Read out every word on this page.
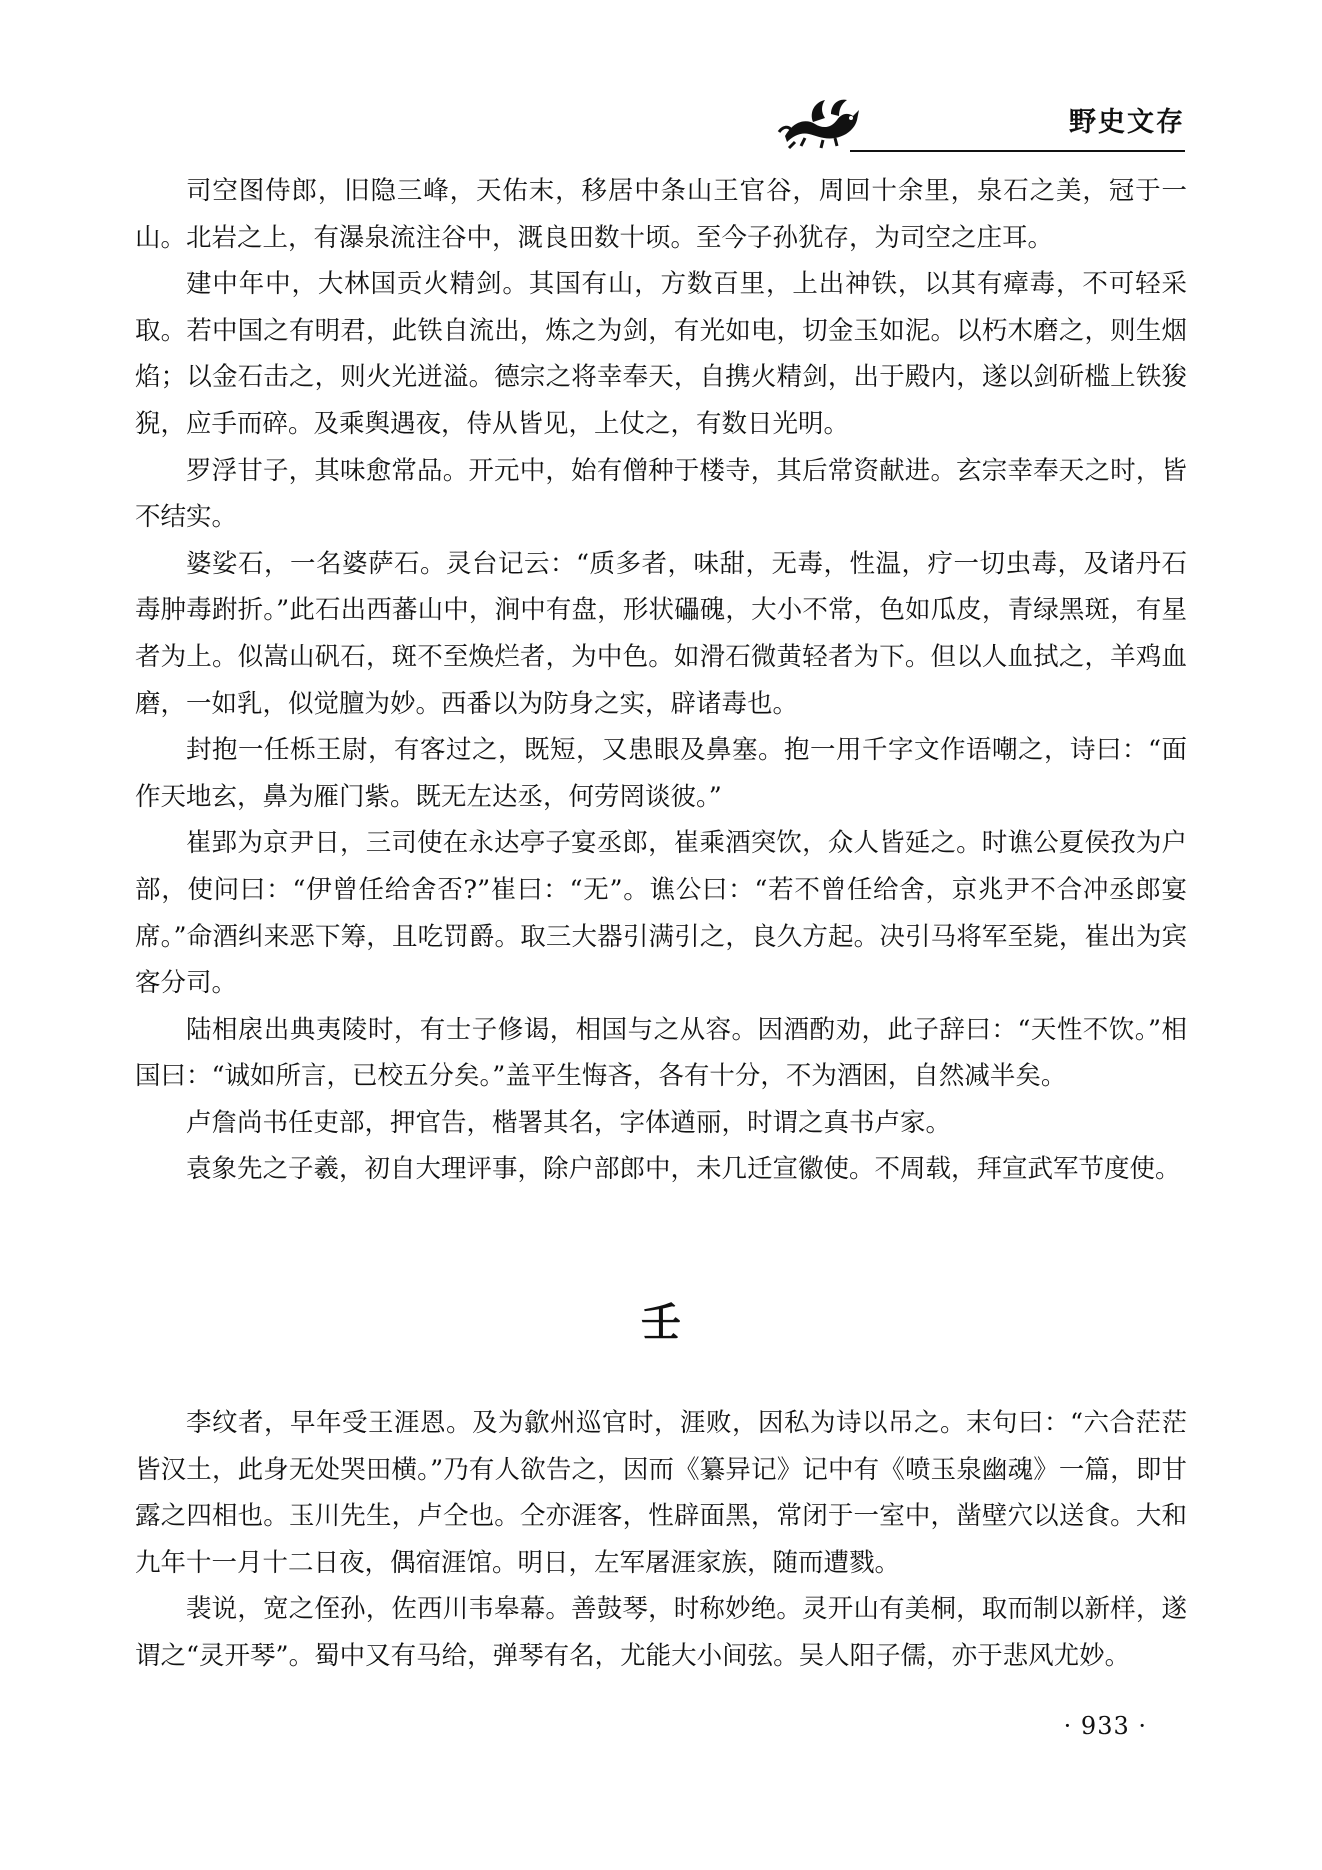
野史文存

司空图侍郎，旧隐三峰，天佑末，移居中条山王官谷，周回十余里，泉石之美，冠于一山。北岩之上，有瀑泉流注谷中，溉良田数十顷。至今子孙犹存，为司空之庄耳。

建中年中，大林国贡火精剑。其国有山，方数百里，上出神铁，以其有瘴毒，不可轻采取。若中国之有明君，此铁自流出，炼之为剑，有光如电，切金玉如泥。以朽木磨之，则生烟焰；以金石击之，则火光迸溢。德宗之将幸奉天，自携火精剑，出于殿内，遂以剑斫槛上铁狻猊，应手而碎。及乘舆遇夜，侍从皆见，上仗之，有数日光明。

罗浮甘子，其味愈常品。开元中，始有僧种于楼寺，其后常资献进。玄宗幸奉天之时，皆不结实。

婆娑石，一名婆萨石。灵台记云：“质多者，味甜，无毒，性温，疗一切虫毒，及诸丹石毒肿毒跗折。”此石出西蕃山中，涧中有盘，形状礧磈，大小不常，色如瓜皮，青绿黑斑，有星者为上。似嵩山矾石，斑不至焕烂者，为中色。如滑石微黄轻者为下。但以人血拭之，羊鸡血磨，一如乳，似觉膻为妙。西番以为防身之实，辟诸毒也。

封抱一任栎王尉，有客过之，既短，又患眼及鼻塞。抱一用千字文作语嘲之，诗曰：“面作天地玄，鼻为雁门紫。既无左达丞，何劳罔谈彼。”

崔郢为京尹日，三司使在永达亭子宴丞郎，崔乘酒突饮，众人皆延之。时谯公夏侯孜为户部，使问曰：“伊曾任给舍否?”崔曰：“无”。谯公曰：“若不曾任给舍，京兆尹不合冲丞郎宴席。”命酒纠来恶下筹，且吃罚爵。取三大器引满引之，良久方起。决引马将军至毙，崔出为宾客分司。

陆相扆出典夷陵时，有士子修谒，相国与之从容。因酒酌劝，此子辞曰：“天性不饮。”相国曰：“诚如所言，已校五分矣。”盖平生悔吝，各有十分，不为酒困，自然减半矣。

卢詹尚书任吏部，押官告，楷署其名，字体遒丽，时谓之真书卢家。

袁象先之子羲，初自大理评事，除户部郎中，未几迁宣徽使。不周载，拜宣武军节度使。

壬

李纹者，早年受王涯恩。及为歙州巡官时，涯败，因私为诗以吊之。末句曰：“六合茫茫皆汉土，此身无处哭田横。”乃有人欲告之，因而《纂异记》记中有《喷玉泉幽魂》一篇，即甘露之四相也。玉川先生，卢仝也。仝亦涯客，性辟面黑，常闭于一室中，凿壁穴以送食。大和九年十一月十二日夜，偶宿涯馆。明日，左军屠涯家族，随而遭戮。

裴说，宽之侄孙，佐西川韦皋幕。善鼓琴，时称妙绝。灵开山有美桐，取而制以新样，遂谓之“灵开琴”。蜀中又有马给，弹琴有名，尤能大小间弦。吴人阳子儒，亦于悲风尤妙。

· 933 ·
